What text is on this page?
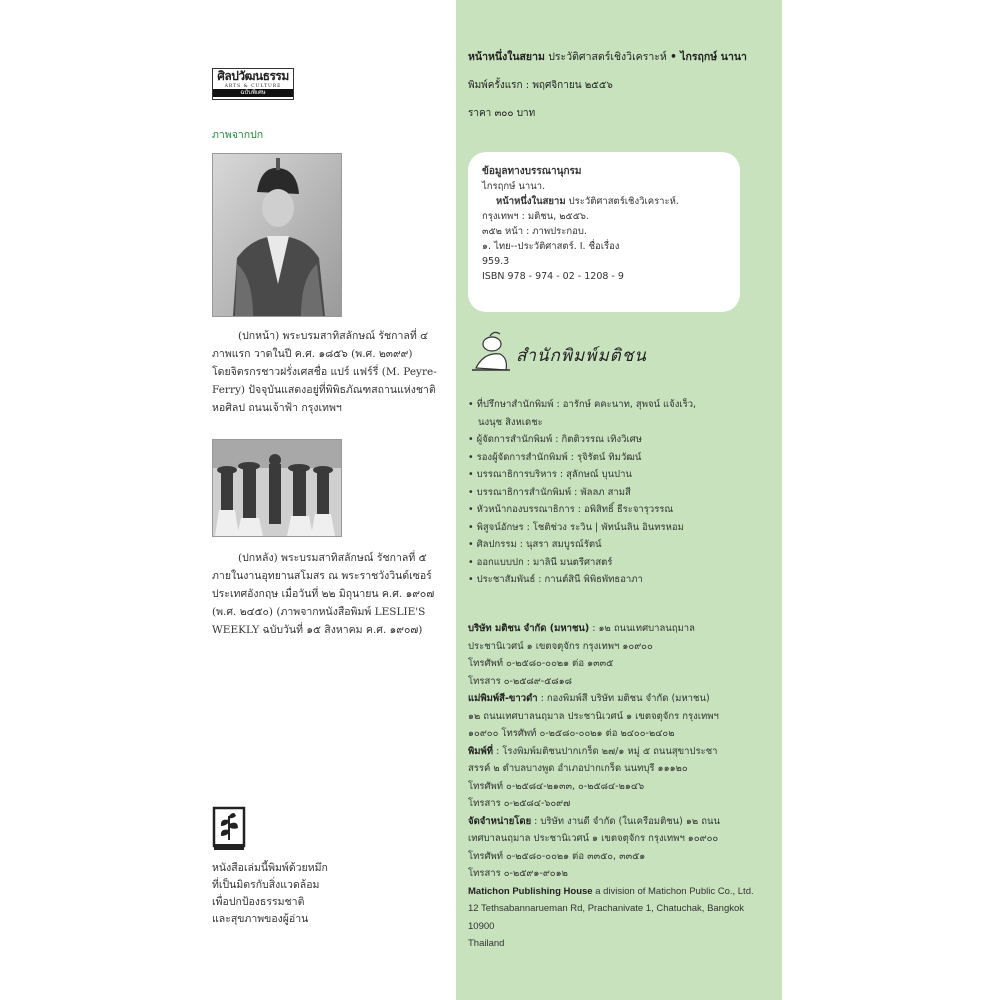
ศิลปวัฒนธรรม
ARTS & CULTURE
ฉบับพิเศษ
ภาพจากปก
(ปกหน้า) พระบรมสาทิสลักษณ์ รัชกาลที่ ๔
ภาพแรก วาดในปี ค.ศ. ๑๘๕๖ (พ.ศ. ๒๓๙๙)
โดยจิตรกรชาวฝรั่งเศสชื่อ แปร์ แฟร์รี่ (M. Peyre-
Ferry) ปัจจุบันแสดงอยู่ที่พิพิธภัณฑสถานแห่งชาติ
หอศิลป ถนนเจ้าฟ้า กรุงเทพฯ
(ปกหลัง) พระบรมสาทิสลักษณ์ รัชกาลที่ ๕
ภายในงานอุทยานสโมสร ณ พระราชวังวินด์เซอร์
ประเทศอังกฤษ เมื่อวันที่ ๒๒ มิถุนายน ค.ศ. ๑๙๐๗
(พ.ศ. ๒๔๕๐) (ภาพจากหนังสือพิมพ์ LESLIE'S
WEEKLY ฉบับวันที่ ๑๕ สิงหาคม ค.ศ. ๑๙๐๗)
หนังสือเล่มนี้พิมพ์ด้วยหมึก
ที่เป็นมิตรกับสิ่งแวดล้อม
เพื่อปกป้องธรรมชาติ
และสุขภาพของผู้อ่าน
หน้าหนึ่งในสยาม ประวัติศาสตร์เชิงวิเคราะห์ • ไกรฤกษ์ นานา
พิมพ์ครั้งแรก : พฤศจิกายน ๒๕๕๖
ราคา ๓๐๐ บาท
ข้อมูลทางบรรณานุกรม
ไกรฤกษ์ นานา.
หน้าหนึ่งในสยาม ประวัติศาสตร์เชิงวิเคราะห์.
กรุงเทพฯ : มติชน, ๒๕๕๖.
๓๕๒ หน้า : ภาพประกอบ.
๑. ไทย--ประวัติศาสตร์. I. ชื่อเรื่อง
959.3
ISBN 978 - 974 - 02 - 1208 - 9
สำนักพิมพ์มติชน
• ที่ปรึกษาสำนักพิมพ์ : อารักษ์ คคะนาท, สุพจน์ แจ้งเร็ว,
นงนุช สิงหเดชะ
• ผู้จัดการสำนักพิมพ์ : กิตติวรรณ เทิงวิเศษ
• รองผู้จัดการสำนักพิมพ์ : รุจิรัตน์ ทิมวัฒน์
• บรรณาธิการบริหาร : สุลักษณ์ บุนปาน
• บรรณาธิการสำนักพิมพ์ : พัลลภ สามสี
• หัวหน้ากองบรรณาธิการ : อพิสิทธิ์ ธีระจารุวรรณ
• พิสูจน์อักษร : โชติช่วง ระวิน | พัทน์นลิน อินทรหอม
• ศิลปกรรม : นุสรา สมบูรณ์รัตน์
• ออกแบบปก : มาลินี มนตรีศาสตร์
• ประชาสัมพันธ์ : กานต์สินี พิพิธพัทธอาภา
บริษัท มติชน จำกัด (มหาชน) : ๑๒ ถนนเทศบาลนฤมาล
ประชานิเวศน์ ๑ เขตจตุจักร กรุงเทพฯ ๑๐๙๐๐
โทรศัพท์ ๐-๒๕๘๐-๐๐๒๑ ต่อ ๑๓๓๕
โทรสาร ๐-๒๕๘๙-๕๘๑๘
แม่พิมพ์สี-ขาวดำ : กองพิมพ์สี บริษัท มติชน จำกัด (มหาชน)
๑๒ ถนนเทศบาลนฤมาล ประชานิเวศน์ ๑ เขตจตุจักร กรุงเทพฯ
๑๐๙๐๐ โทรศัพท์ ๐-๒๕๘๐-๐๐๒๑ ต่อ ๒๔๐๐-๒๔๐๒
พิมพ์ที่ : โรงพิมพ์มติชนปากเกร็ด ๒๗/๑ หมู่ ๕ ถนนสุขาประชา
สรรค์ ๒ ตำบลบางพูด อำเภอปากเกร็ด นนทบุรี ๑๑๑๒๐
โทรศัพท์ ๐-๒๕๘๔-๒๑๓๓, ๐-๒๕๘๔-๒๑๔๖
โทรสาร ๐-๒๕๘๔-๖๐๙๗
จัดจำหน่ายโดย : บริษัท งานดี จำกัด (ในเครือมติชน) ๑๒ ถนน
เทศบาลนฤมาล ประชานิเวศน์ ๑ เขตจตุจักร กรุงเทพฯ ๑๐๙๐๐
โทรศัพท์ ๐-๒๕๘๐-๐๐๒๑ ต่อ ๓๓๕๐, ๓๓๕๑
โทรสาร ๐-๒๕๙๑-๙๐๑๒
Matichon Publishing House a division of Matichon Public Co., Ltd.
12 Tethsabannarueman Rd, Prachanivate 1, Chatuchak, Bangkok 10900
Thailand
